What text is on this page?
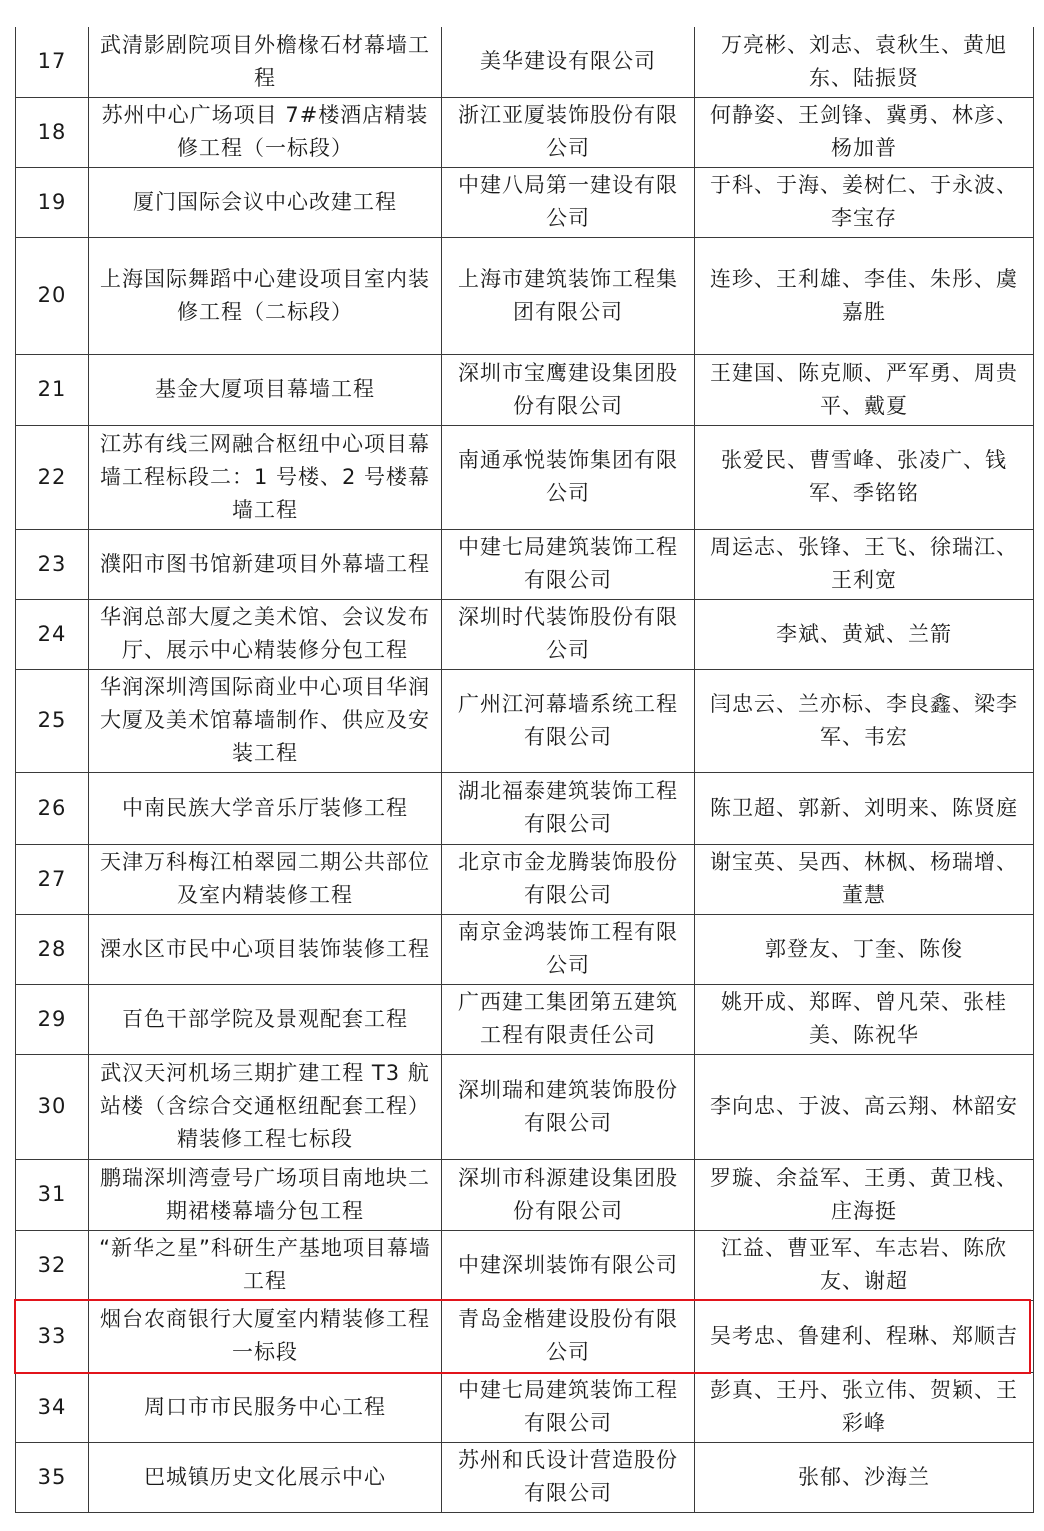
17	武清影剧院项目外檐椽石材幕墙工程	美华建设有限公司	万亮彬、刘志、袁秋生、黄旭东、陆振贤
18	苏州中心广场项目 7#楼酒店精装修工程（一标段）	浙江亚厦装饰股份有限公司	何静姿、王剑锋、冀勇、林彦、杨加普
19	厦门国际会议中心改建工程	中建八局第一建设有限公司	于科、于海、姜树仁、于永波、李宝存
20	上海国际舞蹈中心建设项目室内装修工程（二标段）	上海市建筑装饰工程集团有限公司	连珍、王利雄、李佳、朱彤、虞嘉胜
21	基金大厦项目幕墙工程	深圳市宝鹰建设集团股份有限公司	王建国、陈克顺、严军勇、周贵平、戴夏
22	江苏有线三网融合枢纽中心项目幕墙工程标段二：1 号楼、2 号楼幕墙工程	南通承悦装饰集团有限公司	张爱民、曹雪峰、张凌广、钱军、季铭铭
23	濮阳市图书馆新建项目外幕墙工程	中建七局建筑装饰工程有限公司	周运志、张锋、王飞、徐瑞江、王利宽
24	华润总部大厦之美术馆、会议发布厅、展示中心精装修分包工程	深圳时代装饰股份有限公司	李斌、黄斌、兰箭
25	华润深圳湾国际商业中心项目华润大厦及美术馆幕墙制作、供应及安装工程	广州江河幕墙系统工程有限公司	闫忠云、兰亦标、李良鑫、梁李军、韦宏
26	中南民族大学音乐厅装修工程	湖北福泰建筑装饰工程有限公司	陈卫超、郭新、刘明来、陈贤庭
27	天津万科梅江柏翠园二期公共部位及室内精装修工程	北京市金龙腾装饰股份有限公司	谢宝英、吴西、林枫、杨瑞增、董慧
28	溧水区市民中心项目装饰装修工程	南京金鸿装饰工程有限公司	郭登友、丁奎、陈俊
29	百色干部学院及景观配套工程	广西建工集团第五建筑工程有限责任公司	姚开成、郑晖、曾凡荣、张桂美、陈祝华
30	武汉天河机场三期扩建工程 T3 航站楼（含综合交通枢纽配套工程）精装修工程七标段	深圳瑞和建筑装饰股份有限公司	李向忠、于波、高云翔、林韶安
31	鹏瑞深圳湾壹号广场项目南地块二期裙楼幕墙分包工程	深圳市科源建设集团股份有限公司	罗璇、余益军、王勇、黄卫栈、庄海挺
32	“新华之星”科研生产基地项目幕墙工程	中建深圳装饰有限公司	江益、曹亚军、车志岩、陈欣友、谢超
33	烟台农商银行大厦室内精装修工程一标段	青岛金楷建设股份有限公司	吴考忠、鲁建利、程琳、郑顺吉
34	周口市市民服务中心工程	中建七局建筑装饰工程有限公司	彭真、王丹、张立伟、贺颖、王彩峰
35	巴城镇历史文化展示中心	苏州和氏设计营造股份有限公司	张郁、沙海兰
